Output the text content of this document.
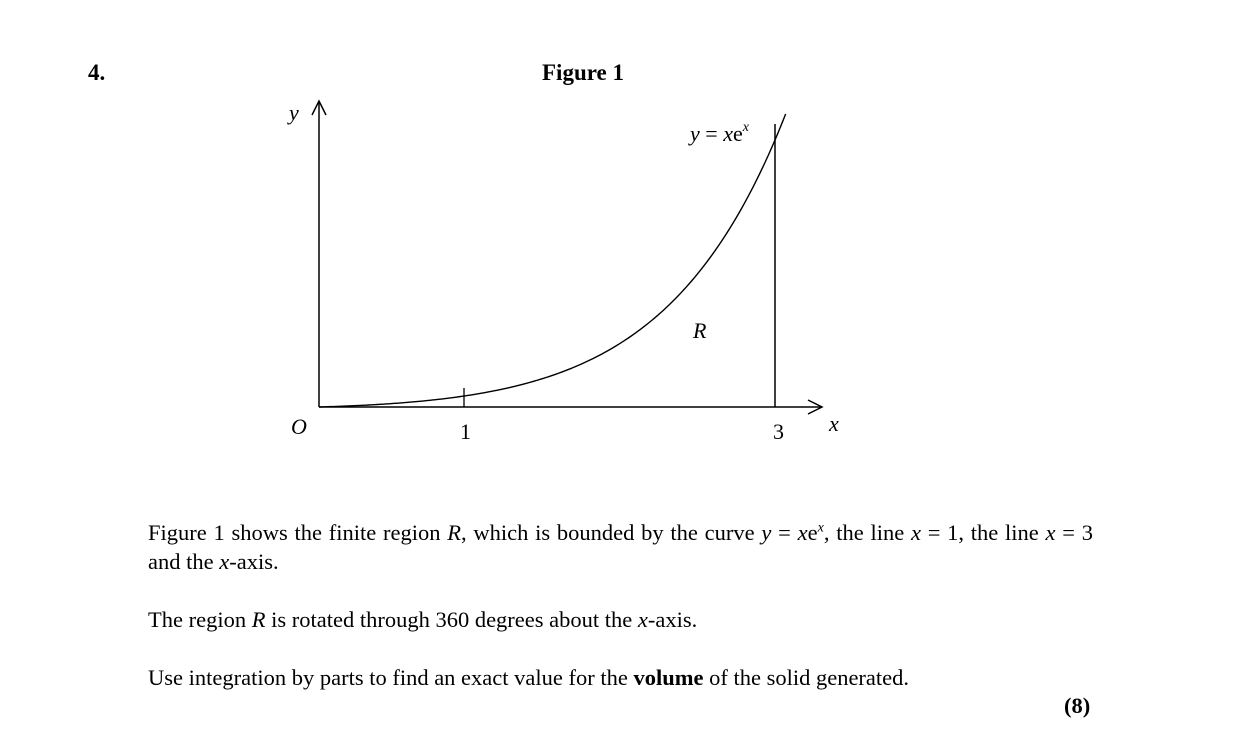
4.	Figure 1
y
x
O	1	3
$y = xe^x$
R

Figure 1 shows the finite region R, which is bounded by the curve $y = xe^x$, the line x = 1, the line x = 3 and the x-axis.

The region R is rotated through 360 degrees about the x-axis.

Use integration by parts to find an exact value for the volume of the solid generated.

(8)
